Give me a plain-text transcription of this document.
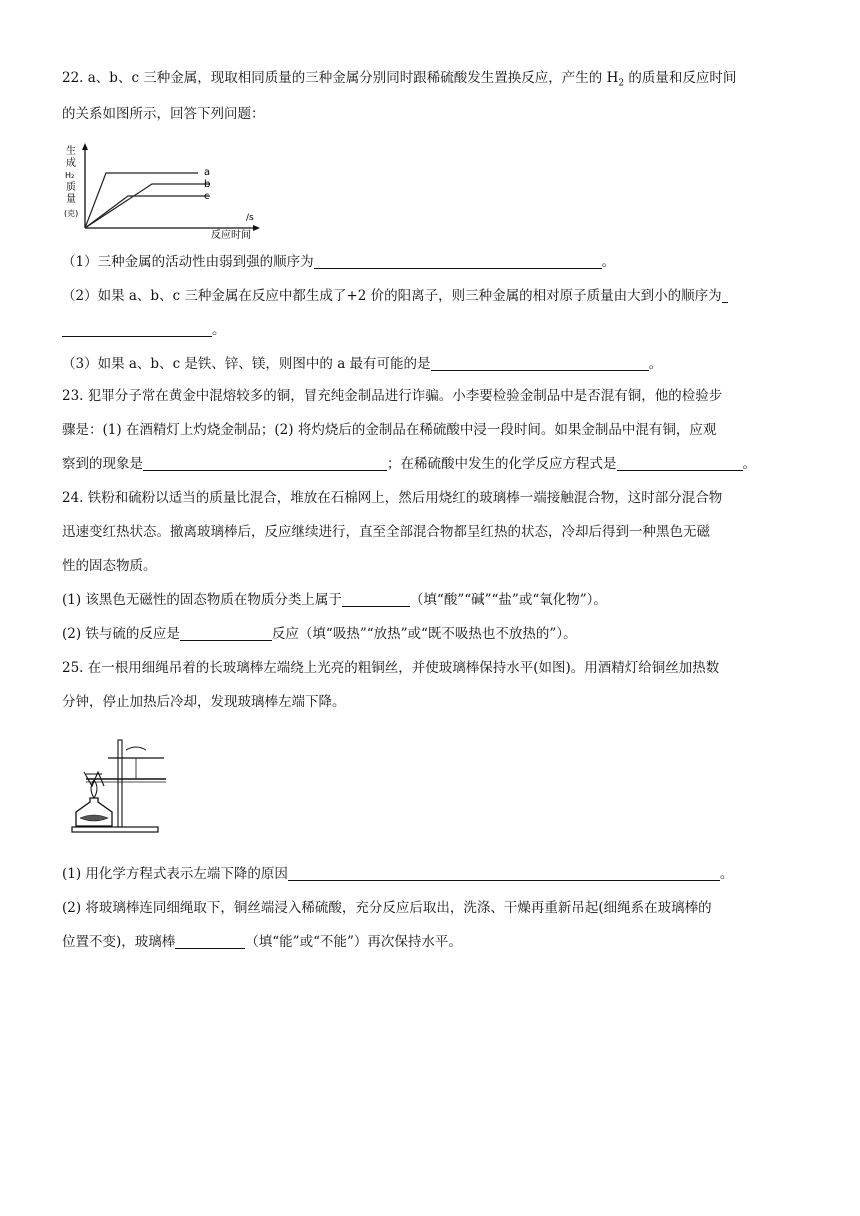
22. a、b、c 三种金属，现取相同质量的三种金属分别同时跟稀硫酸发生置换反应，产生的 $H_2$ 的质量和反应时间
的关系如图所示，回答下列问题：
生
成
H₂
质
量
(克)
a
b
c
反应时间
/s
（1）三种金属的活动性由弱到强的顺序为	。
（2）如果 a、b、c 三种金属在反应中都生成了+2 价的阳离子，则三种金属的相对原子质量由大到小的顺序为
。
（3）如果 a、b、c 是铁、锌、镁，则图中的 a 最有可能的是	。
23. 犯罪分子常在黄金中混熔较多的铜，冒充纯金制品进行诈骗。小李要检验金制品中是否混有铜，他的检验步
骤是：(1) 在酒精灯上灼烧金制品；(2) 将灼烧后的金制品在稀硫酸中浸一段时间。如果金制品中混有铜，应观
察到的现象是	；在稀硫酸中发生的化学反应方程式是	。
24. 铁粉和硫粉以适当的质量比混合，堆放在石棉网上，然后用烧红的玻璃棒一端接触混合物，这时部分混合物
迅速变红热状态。撤离玻璃棒后，反应继续进行，直至全部混合物都呈红热的状态，冷却后得到一种黑色无磁
性的固态物质。
(1) 该黑色无磁性的固态物质在物质分类上属于	（填“酸”“碱”“盐”或“氧化物”）。
(2) 铁与硫的反应是	反应（填“吸热”“放热”或“既不吸热也不放热的”）。
25. 在一根用细绳吊着的长玻璃棒左端绕上光亮的粗铜丝，并使玻璃棒保持水平(如图)。用酒精灯给铜丝加热数
分钟，停止加热后冷却，发现玻璃棒左端下降。
(1) 用化学方程式表示左端下降的原因	。
(2) 将玻璃棒连同细绳取下，铜丝端浸入稀硫酸，充分反应后取出，洗涤、干燥再重新吊起(细绳系在玻璃棒的
位置不变)，玻璃棒	（填“能”或“不能”）再次保持水平。
